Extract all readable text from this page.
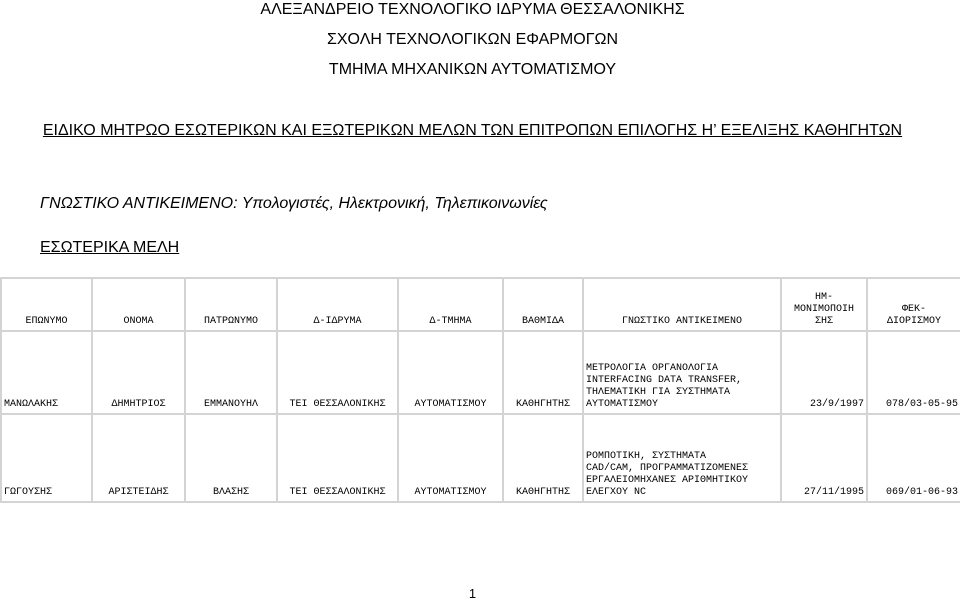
ΑΛΕΞΑΝΔΡΕΙΟ ΤΕΧΝΟΛΟΓΙΚΟ ΙΔΡΥΜΑ ΘΕΣΣΑΛΟΝΙΚΗΣ
ΣΧΟΛΗ ΤΕΧΝΟΛΟΓΙΚΩΝ ΕΦΑΡΜΟΓΩΝ
ΤΜΗΜΑ ΜΗΧΑΝΙΚΩΝ ΑΥΤΟΜΑΤΙΣΜΟΥ
ΕΙΔΙΚΟ ΜΗΤΡΩΟ ΕΣΩΤΕΡΙΚΩΝ ΚΑΙ ΕΞΩΤΕΡΙΚΩΝ ΜΕΛΩΝ ΤΩΝ ΕΠΙΤΡΟΠΩΝ ΕΠΙΛΟΓΗΣ Η’ ΕΞΕΛΙΞΗΣ ΚΑΘΗΓΗΤΩΝ
ΓΝΩΣΤΙΚΟ ΑΝΤΙΚΕΙΜΕΝΟ: Υπολογιστές, Ηλεκτρονική, Τηλεπικοινωνίες
ΕΣΩΤΕΡΙΚΑ ΜΕΛΗ
ΕΠΩΝΥΜΟ	ΟΝΟΜΑ	ΠΑΤΡΩΝΥΜΟ	Δ-ΙΔΡΥΜΑ	Δ-ΤΜΗΜΑ	ΒΑΘΜΙΔΑ	ΓΝΩΣΤΙΚΟ ΑΝΤΙΚΕΙΜΕΝΟ	ΗΜ-
ΜΟΝΙΜΟΠΟΙΗ
ΣΗΣ	ΦΕΚ-
ΔΙΟΡΙΣΜΟΥ
ΜΑΝΩΛΑΚΗΣ	ΔΗΜΗΤΡΙΟΣ	ΕΜΜΑΝΟΥΗΛ	ΤΕΙ ΘΕΣΣΑΛΟΝΙΚΗΣ	ΑΥΤΟΜΑΤΙΣΜΟΥ	ΚΑΘΗΓΗΤΗΣ	ΜΕΤΡΟΛΟΓΙΑ ΟΡΓΑΝΟΛΟΓΙΑ
INTERFACING DATA TRANSFER,
ΤΗΛΕΜΑΤΙΚΗ ΓΙΑ ΣΥΣΤΗΜΑΤΑ
ΑΥΤΟΜΑΤΙΣΜΟΥ	23/9/1997	078/03-05-95
ΓΩΓΟΥΣΗΣ	ΑΡΙΣΤΕΙΔΗΣ	ΒΛΑΣΗΣ	ΤΕΙ ΘΕΣΣΑΛΟΝΙΚΗΣ	ΑΥΤΟΜΑΤΙΣΜΟΥ	ΚΑΘΗΓΗΤΗΣ	ΡΟΜΠΟΤΙΚΗ, ΣΥΣΤΗΜΑΤΑ
CAD/CAM, ΠΡΟΓΡΑΜΜΑΤΙΖΟΜΕΝΕΣ
ΕΡΓΑΛΕΙΟΜΗΧΑΝΕΣ ΑΡΙΘΜΗΤΙΚΟΥ
ΕΛΕΓΧΟΥ NC	27/11/1995	069/01-06-93
1
